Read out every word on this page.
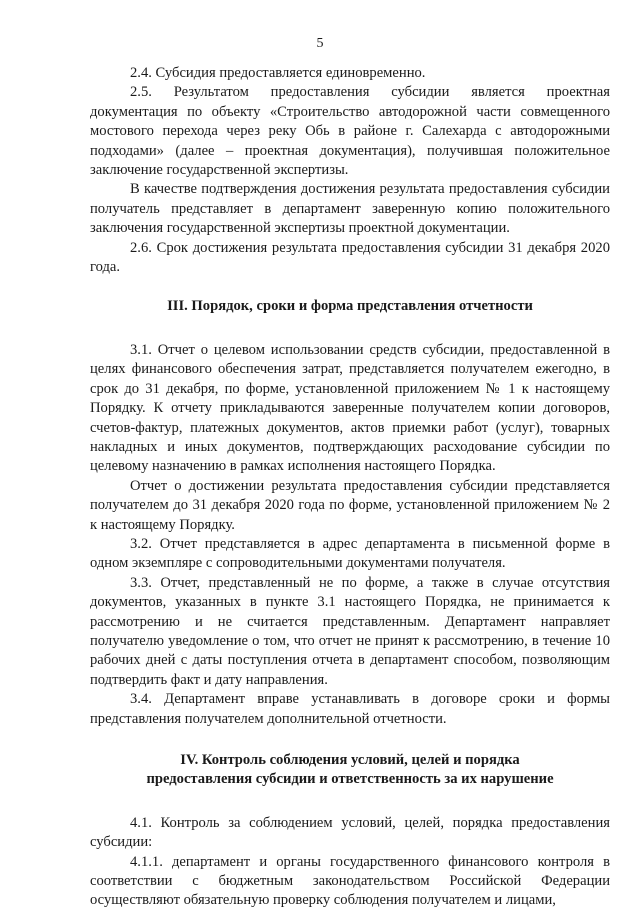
5

2.4. Субсидия предоставляется единовременно.

2.5. Результатом предоставления субсидии является проектная документация по объекту «Строительство автодорожной части совмещенного мостового перехода через реку Обь в районе г. Салехарда с автодорожными подходами» (далее – проектная документация), получившая положительное заключение государственной экспертизы.

В качестве подтверждения достижения результата предоставления субсидии получатель представляет в департамент заверенную копию положительного заключения государственной экспертизы проектной документации.

2.6. Срок достижения результата предоставления субсидии 31 декабря 2020 года.

III. Порядок, сроки и форма представления отчетности

3.1. Отчет о целевом использовании средств субсидии, предоставленной в целях финансового обеспечения затрат, представляется получателем ежегодно, в срок до 31 декабря, по форме, установленной приложением № 1 к настоящему Порядку. К отчету прикладываются заверенные получателем копии договоров, счетов-фактур, платежных документов, актов приемки работ (услуг), товарных накладных и иных документов, подтверждающих расходование субсидии по целевому назначению в рамках исполнения настоящего Порядка.

Отчет о достижении результата предоставления субсидии представляется получателем до 31 декабря 2020 года по форме, установленной приложением № 2 к настоящему Порядку.

3.2. Отчет представляется в адрес департамента в письменной форме в одном экземпляре с сопроводительными документами получателя.

3.3. Отчет, представленный не по форме, а также в случае отсутствия документов, указанных в пункте 3.1 настоящего Порядка, не принимается к рассмотрению и не считается представленным. Департамент направляет получателю уведомление о том, что отчет не принят к рассмотрению, в течение 10 рабочих дней с даты поступления отчета в департамент способом, позволяющим подтвердить факт и дату направления.

3.4. Департамент вправе устанавливать в договоре сроки и формы представления получателем дополнительной отчетности.

IV. Контроль соблюдения условий, целей и порядка
предоставления субсидии и ответственность за их нарушение

4.1. Контроль за соблюдением условий, целей, порядка предоставления субсидии:

4.1.1. департамент и органы государственного финансового контроля в соответствии с бюджетным законодательством Российской Федерации осуществляют обязательную проверку соблюдения получателем и лицами,
